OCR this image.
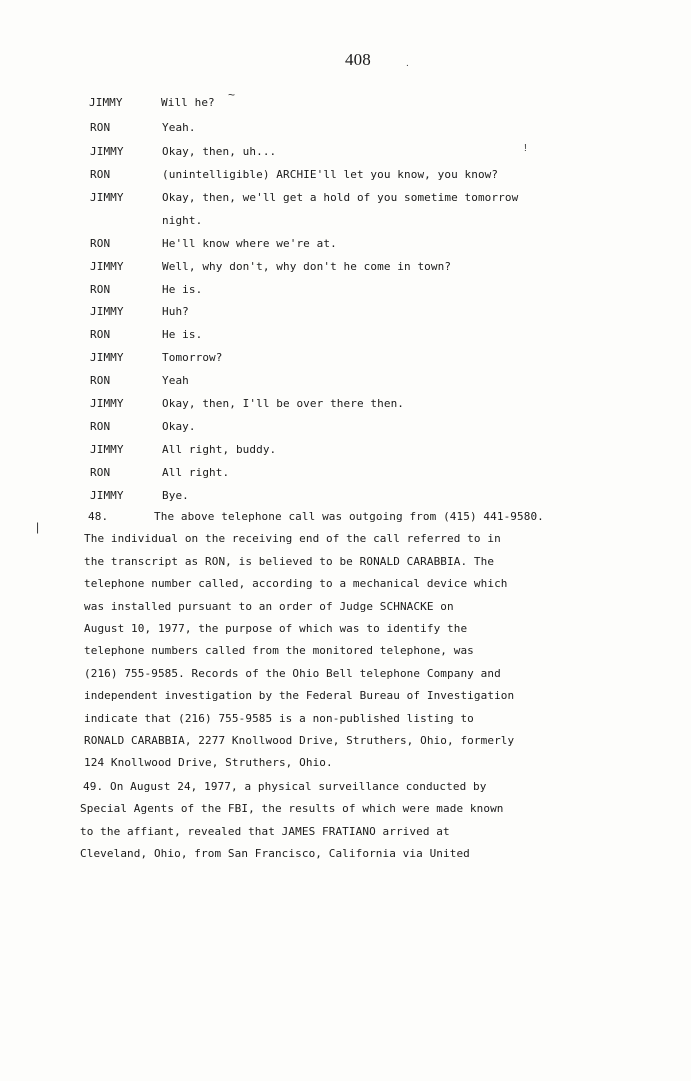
408	.
~
!
|
JIMMY	Will he?
RON	Yeah.
JIMMY	Okay, then, uh...
RON	(unintelligible) ARCHIE'll let you know, you know?
JIMMY	Okay, then, we'll get a hold of you sometime tomorrow
night.
RON	He'll know where we're at.
JIMMY	Well, why don't, why don't he come in town?
RON	He is.
JIMMY	Huh?
RON	He is.
JIMMY	Tomorrow?
RON	Yeah
JIMMY	Okay, then, I'll be over there then.
RON	Okay.
JIMMY	All right, buddy.
RON	All right.
JIMMY	Bye.
48.	The above telephone call was outgoing from (415) 441-9580.
The individual on the receiving end of the call referred to in
the transcript as RON, is believed to be RONALD CARABBIA. The
telephone number called, according to a mechanical device which
was installed pursuant to an order of Judge SCHNACKE on
August 10, 1977, the purpose of which was to identify the
telephone numbers called from the monitored telephone, was
(216) 755-9585. Records of the Ohio Bell telephone Company and
independent investigation by the Federal Bureau of Investigation
indicate that (216) 755-9585 is a non-published listing to
RONALD CARABBIA, 2277 Knollwood Drive, Struthers, Ohio, formerly
124 Knollwood Drive, Struthers, Ohio.
49. On August 24, 1977, a physical surveillance conducted by
Special Agents of the FBI, the results of which were made known
to the affiant, revealed that JAMES FRATIANO arrived at
Cleveland, Ohio, from San Francisco, California via United
